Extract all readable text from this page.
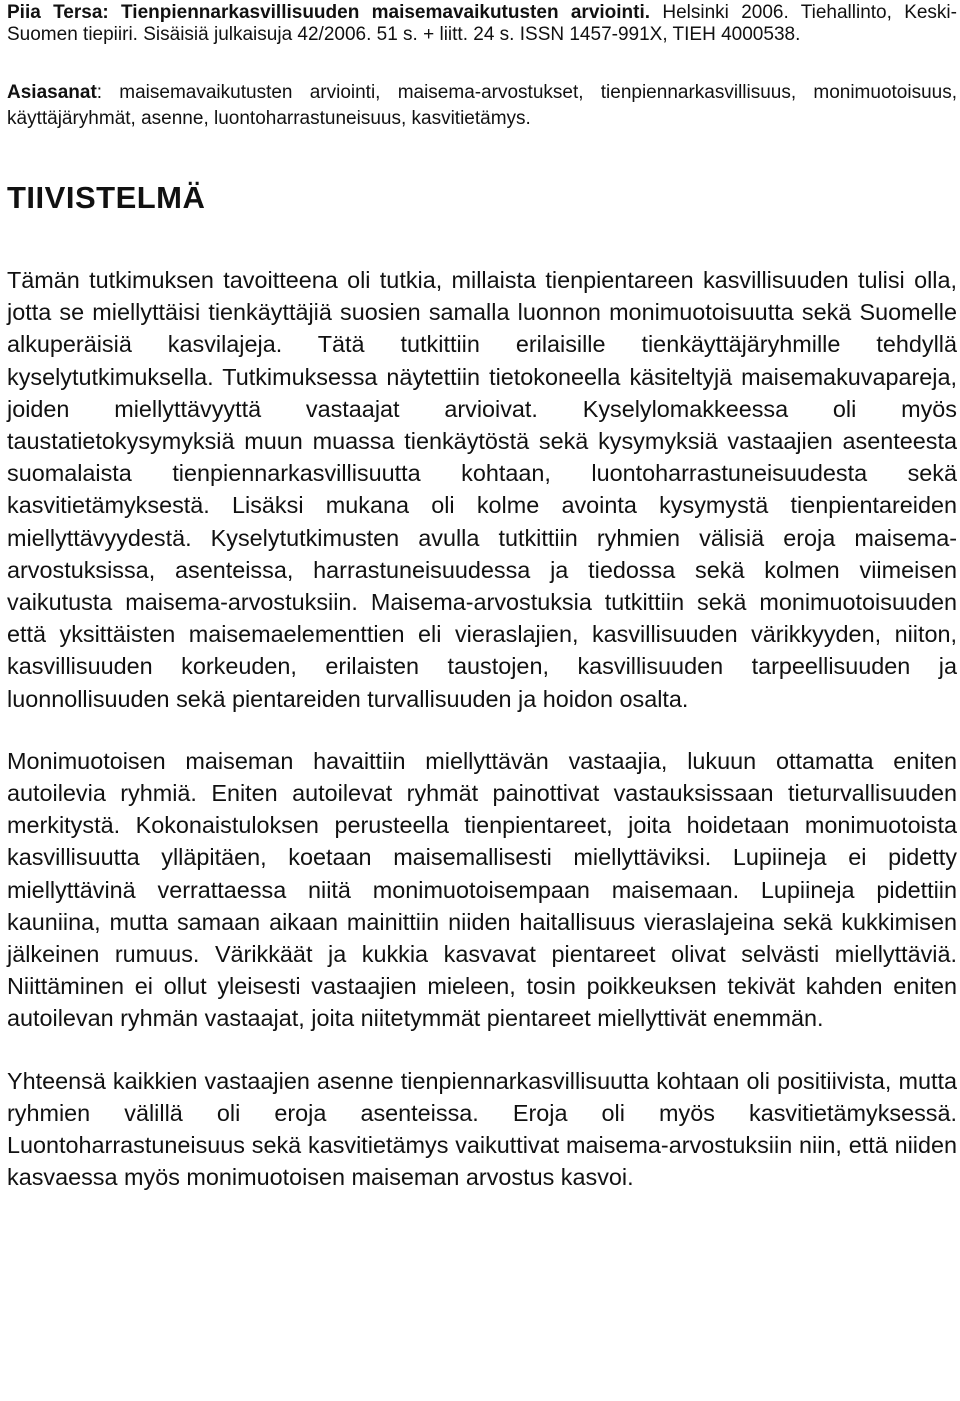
Piia Tersa: Tienpiennarkasvillisuuden maisemavaikutusten arviointi. Helsinki 2006. Tiehallinto, Keski-Suomen tiepiiri. Sisäisiä julkaisuja 42/2006. 51 s. + liitt. 24 s. ISSN 1457-991X, TIEH 4000538.

Asiasanat: maisemavaikutusten arviointi, maisema-arvostukset, tienpiennarkasvillisuus, monimuotoisuus, käyttäjäryhmät, asenne, luontoharrastuneisuus, kasvitietämys.

TIIVISTELMÄ

Tämän tutkimuksen tavoitteena oli tutkia, millaista tienpientareen kasvillisuuden tulisi olla, jotta se miellyttäisi tienkäyttäjiä suosien samalla luonnon monimuotoisuutta sekä Suomelle alkuperäisiä kasvilajeja. Tätä tutkittiin erilaisille tienkäyttäjäryhmille tehdyllä kyselytutkimuksella. Tutkimuksessa näytettiin tietokoneella käsiteltyjä maisemakuvapareja, joiden miellyttävyyttä vastaajat arvioivat. Kyselylomakkeessa oli myös taustatietokysymyksiä muun muassa tienkäytöstä sekä kysymyksiä vastaajien asenteesta suomalaista tienpiennarkasvillisuutta kohtaan, luontoharrastuneisuudesta sekä kasvitietämyksestä. Lisäksi mukana oli kolme avointa kysymystä tienpientareiden miellyttävyydestä. Kyselytutkimusten avulla tutkittiin ryhmien välisiä eroja maisema-arvostuksissa, asenteissa, harrastuneisuudessa ja tiedossa sekä kolmen viimeisen vaikutusta maisema-arvostuksiin. Maisema-arvostuksia tutkittiin sekä monimuotoisuuden että yksittäisten maisemaelementtien eli vieraslajien, kasvillisuuden värikkyyden, niiton, kasvillisuuden korkeuden, erilaisten taustojen, kasvillisuuden tarpeellisuuden ja luonnollisuuden sekä pientareiden turvallisuuden ja hoidon osalta.

Monimuotoisen maiseman havaittiin miellyttävän vastaajia, lukuun ottamatta eniten autoilevia ryhmiä. Eniten autoilevat ryhmät painottivat vastauksissaan tieturvallisuuden merkitystä. Kokonaistuloksen perusteella tienpientareet, joita hoidetaan monimuotoista kasvillisuutta ylläpitäen, koetaan maisemallisesti miellyttäviksi. Lupiineja ei pidetty miellyttävinä verrattaessa niitä monimuotoisempaan maisemaan. Lupiineja pidettiin kauniina, mutta samaan aikaan mainittiin niiden haitallisuus vieraslajeina sekä kukkimisen jälkeinen rumuus. Värikkäät ja kukkia kasvavat pientareet olivat selvästi miellyttäviä. Niittäminen ei ollut yleisesti vastaajien mieleen, tosin poikkeuksen tekivät kahden eniten autoilevan ryhmän vastaajat, joita niitetymmät pientareet miellyttivät enemmän.

Yhteensä kaikkien vastaajien asenne tienpiennarkasvillisuutta kohtaan oli positiivista, mutta ryhmien välillä oli eroja asenteissa. Eroja oli myös kasvitietämyksessä. Luontoharrastuneisuus sekä kasvitietämys vaikuttivat maisema-arvostuksiin niin, että niiden kasvaessa myös monimuotoisen maiseman arvostus kasvoi.
